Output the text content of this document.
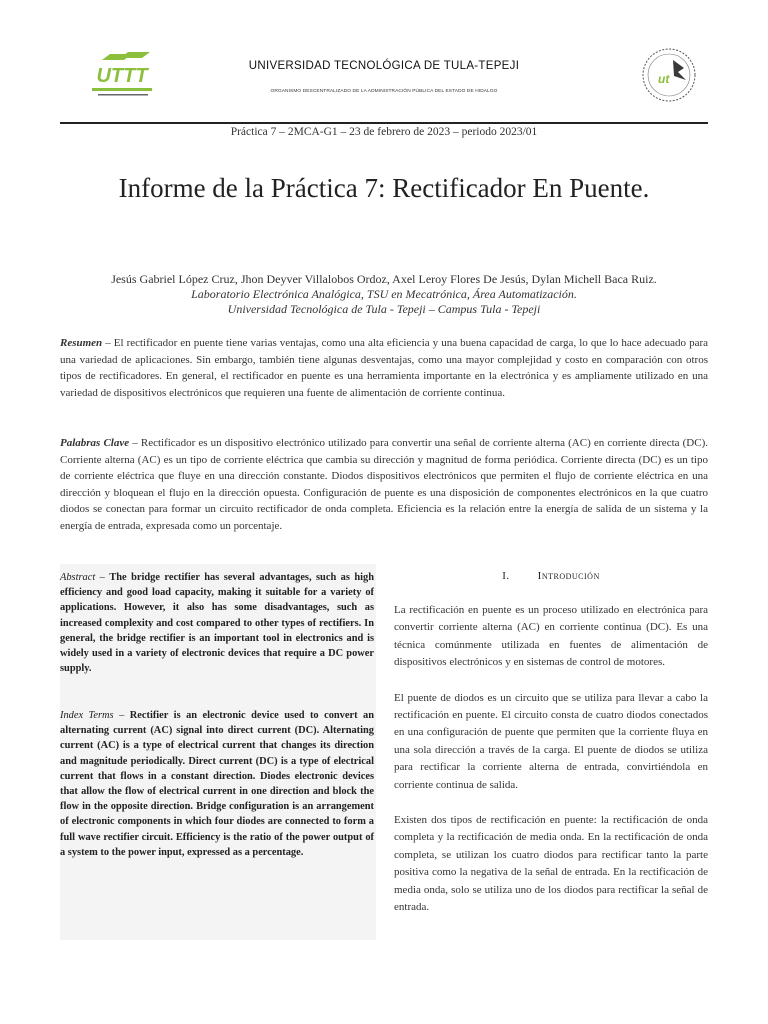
UTTT	UNIVERSIDAD TECNOLÓGICA DE TULA-TEPEJI
ORGANISMO DESCENTRALIZADO DE LA ADMINISTRACIÓN PÚBLICA DEL ESTADO DE HIDALGO
ut
Práctica 7 – 2MCA-G1 – 23 de febrero de 2023 – periodo 2023/01
Informe de la Práctica 7: Rectificador En Puente.
Jesús Gabriel López Cruz, Jhon Deyver Villalobos Ordoz, Axel Leroy Flores De Jesús, Dylan Michell Baca Ruiz.
Laboratorio Electrónica Analógica, TSU en Mecatrónica, Área Automatización.
Universidad Tecnológica de Tula - Tepeji – Campus Tula - Tepeji

Resumen – El rectificador en puente tiene varias ventajas, como una alta eficiencia y una buena capacidad de carga, lo que lo hace adecuado para una variedad de aplicaciones. Sin embargo, también tiene algunas desventajas, como una mayor complejidad y costo en comparación con otros tipos de rectificadores. En general, el rectificador en puente es una herramienta importante en la electrónica y es ampliamente utilizado en una variedad de dispositivos electrónicos que requieren una fuente de alimentación de corriente continua.

Palabras Clave – Rectificador es un dispositivo electrónico utilizado para convertir una señal de corriente alterna (AC) en corriente directa (DC). Corriente alterna (AC) es un tipo de corriente eléctrica que cambia su dirección y magnitud de forma periódica. Corriente directa (DC) es un tipo de corriente eléctrica que fluye en una dirección constante. Diodos dispositivos electrónicos que permiten el flujo de corriente eléctrica en una dirección y bloquean el flujo en la dirección opuesta. Configuración de puente es una disposición de componentes electrónicos en la que cuatro diodos se conectan para formar un circuito rectificador de onda completa. Eficiencia es la relación entre la energía de salida de un sistema y la energía de entrada, expresada como un porcentaje.

Abstract – The bridge rectifier has several advantages, such as high efficiency and good load capacity, making it suitable for a variety of applications. However, it also has some disadvantages, such as increased complexity and cost compared to other types of rectifiers. In general, the bridge rectifier is an important tool in electronics and is widely used in a variety of electronic devices that require a DC power supply.

Index Terms – Rectifier is an electronic device used to convert an alternating current (AC) signal into direct current (DC). Alternating current (AC) is a type of electrical current that changes its direction and magnitude periodically. Direct current (DC) is a type of electrical current that flows in a constant direction. Diodes electronic devices that allow the flow of electrical current in one direction and block the flow in the opposite direction. Bridge configuration is an arrangement of electronic components in which four diodes are connected to form a full wave rectifier circuit. Efficiency is the ratio of the power output of a system to the power input, expressed as a percentage.

I.	Introdución

La rectificación en puente es un proceso utilizado en electrónica para convertir corriente alterna (AC) en corriente continua (DC). Es una técnica comúnmente utilizada en fuentes de alimentación de dispositivos electrónicos y en sistemas de control de motores.

El puente de diodos es un circuito que se utiliza para llevar a cabo la rectificación en puente. El circuito consta de cuatro diodos conectados en una configuración de puente que permiten que la corriente fluya en una sola dirección a través de la carga. El puente de diodos se utiliza para rectificar la corriente alterna de entrada, convirtiéndola en corriente continua de salida.

Existen dos tipos de rectificación en puente: la rectificación de onda completa y la rectificación de media onda. En la rectificación de onda completa, se utilizan los cuatro diodos para rectificar tanto la parte positiva como la negativa de la señal de entrada. En la rectificación de media onda, solo se utiliza uno de los diodos para rectificar la señal de entrada.
